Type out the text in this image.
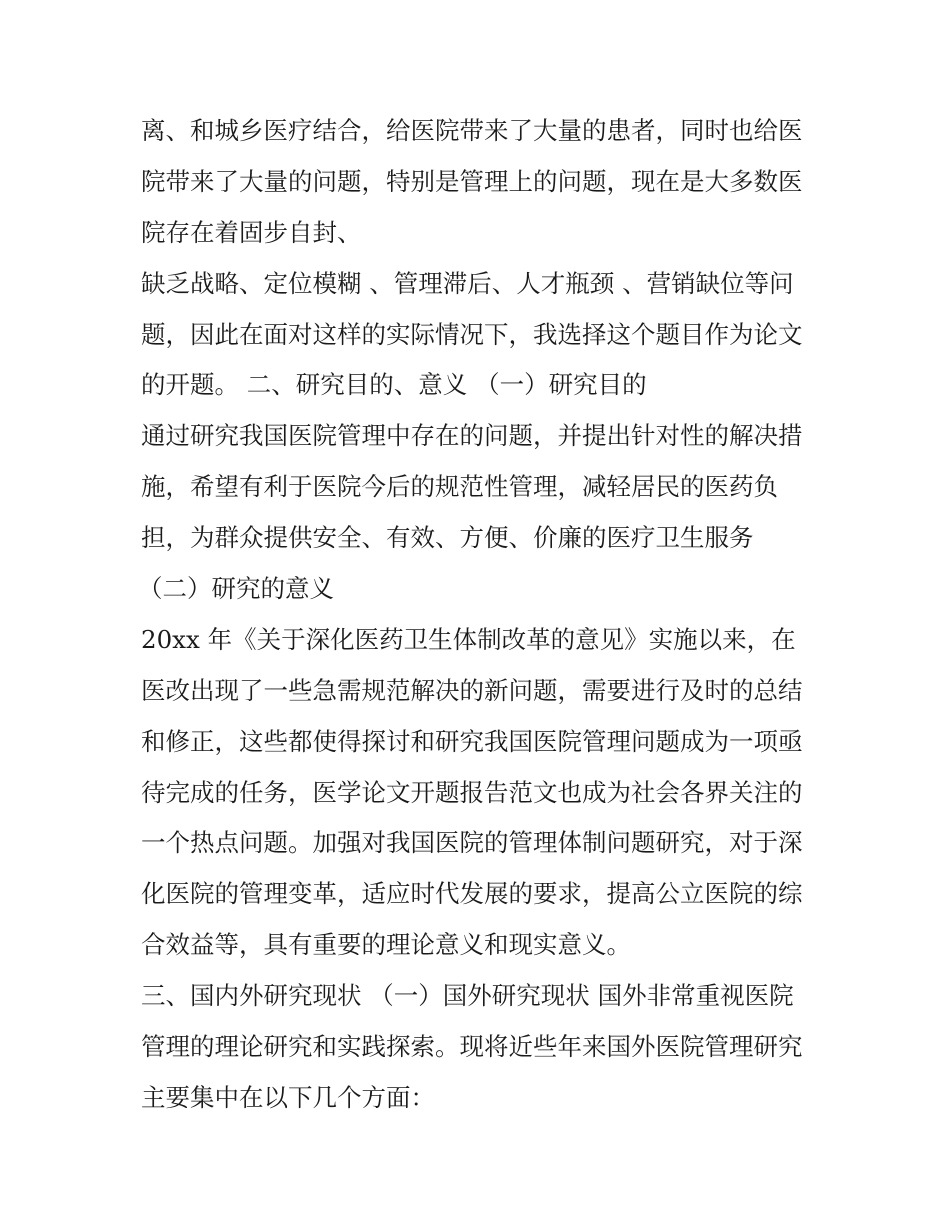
离、和城乡医疗结合，给医院带来了大量的患者，同时也给医
院带来了大量的问题，特别是管理上的问题，现在是大多数医
院存在着固步自封、
缺乏战略、定位模糊 、管理滞后、人才瓶颈 、营销缺位等问
题，因此在面对这样的实际情况下，我选择这个题目作为论文
的开题。 二、研究目的、意义 （一）研究目的
通过研究我国医院管理中存在的问题，并提出针对性的解决措
施，希望有利于医院今后的规范性管理，减轻居民的医药负
担，为群众提供安全、有效、方便、价廉的医疗卫生服务
（二）研究的意义
20xx 年《关于深化医药卫生体制改革的意见》实施以来，在
医改出现了一些急需规范解决的新问题，需要进行及时的总结
和修正，这些都使得探讨和研究我国医院管理问题成为一项亟
待完成的任务，医学论文开题报告范文也成为社会各界关注的
一个热点问题。加强对我国医院的管理体制问题研究，对于深
化医院的管理变革，适应时代发展的要求，提高公立医院的综
合效益等，具有重要的理论意义和现实意义。
三、国内外研究现状 （一）国外研究现状 国外非常重视医院
管理的理论研究和实践探索。现将近些年来国外医院管理研究
主要集中在以下几个方面：
